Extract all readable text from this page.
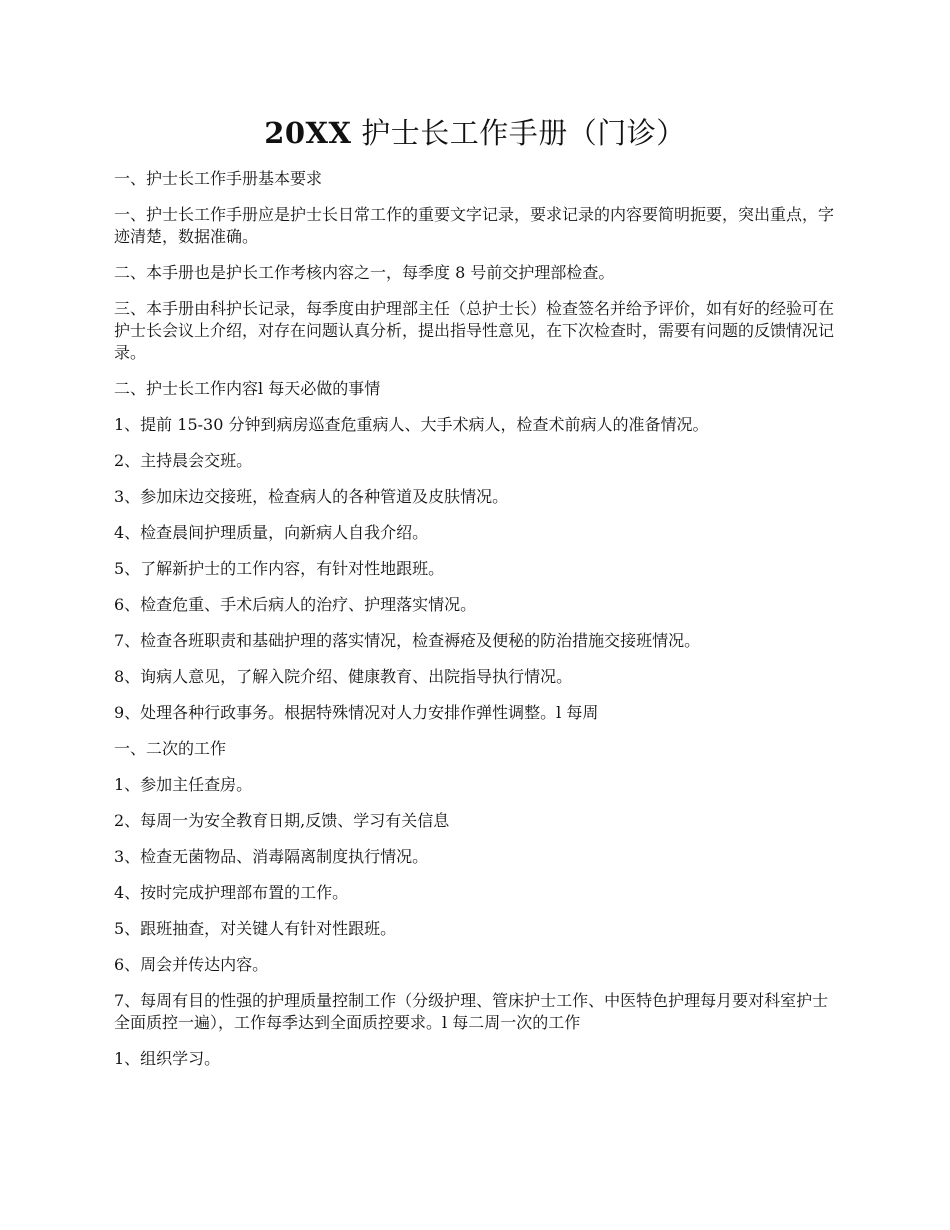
20XX 护士长工作手册（门诊）

一、护士长工作手册基本要求

一、护士长工作手册应是护士长日常工作的重要文字记录，要求记录的内容要简明扼要，突出重点，字迹清楚，数据准确。

二、本手册也是护长工作考核内容之一，每季度 8 号前交护理部检查。

三、本手册由科护长记录，每季度由护理部主任（总护士长）检查签名并给予评价，如有好的经验可在护士长会议上介绍，对存在问题认真分析，提出指导性意见，在下次检查时，需要有问题的反馈情况记录。

二、护士长工作内容l 每天必做的事情

1、提前 15-30 分钟到病房巡查危重病人、大手术病人，检查术前病人的准备情况。

2、主持晨会交班。

3、参加床边交接班，检查病人的各种管道及皮肤情况。

4、检查晨间护理质量，向新病人自我介绍。

5、了解新护士的工作内容，有针对性地跟班。

6、检查危重、手术后病人的治疗、护理落实情况。

7、检查各班职责和基础护理的落实情况，检查褥疮及便秘的防治措施交接班情况。

8、询病人意见，了解入院介绍、健康教育、出院指导执行情况。

9、处理各种行政事务。根据特殊情况对人力安排作弹性调整。l 每周

一、二次的工作

1、参加主任查房。

2、每周一为安全教育日期,反馈、学习有关信息

3、检查无菌物品、消毒隔离制度执行情况。

4、按时完成护理部布置的工作。

5、跟班抽查，对关键人有针对性跟班。

6、周会并传达内容。

7、每周有目的性强的护理质量控制工作（分级护理、管床护士工作、中医特色护理每月要对科室护士全面质控一遍），工作每季达到全面质控要求。l 每二周一次的工作

1、组织学习。
